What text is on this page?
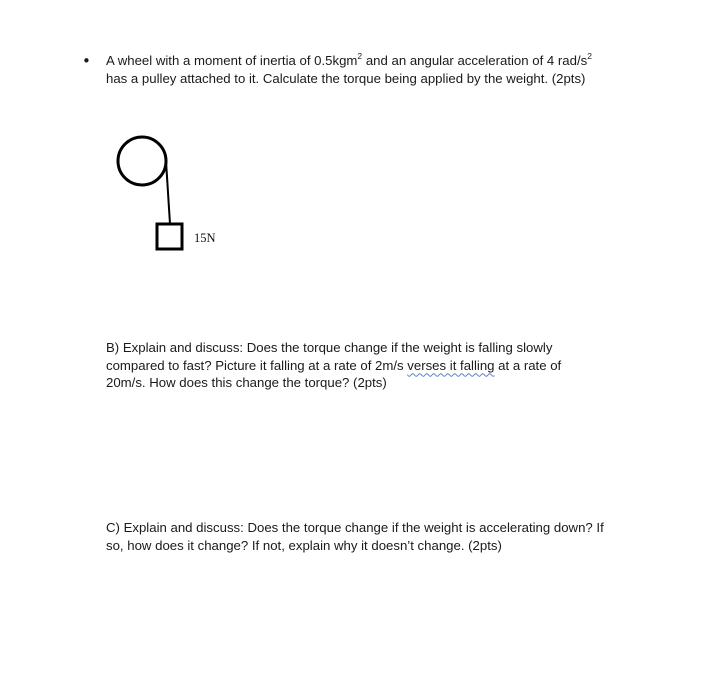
• A wheel with a moment of inertia of 0.5kgm$^2$ and an angular acceleration of 4 rad/$s^2$
has a pulley attached to it. Calculate the torque being applied by the weight. (2pts)
15N
B) Explain and discuss: Does the torque change if the weight is falling slowly
compared to fast? Picture it falling at a rate of 2m/s verses it falling at a rate of
20m/s. How does this change the torque? (2pts)
C) Explain and discuss: Does the torque change if the weight is accelerating down? If
so, how does it change? If not, explain why it doesn’t change. (2pts)
